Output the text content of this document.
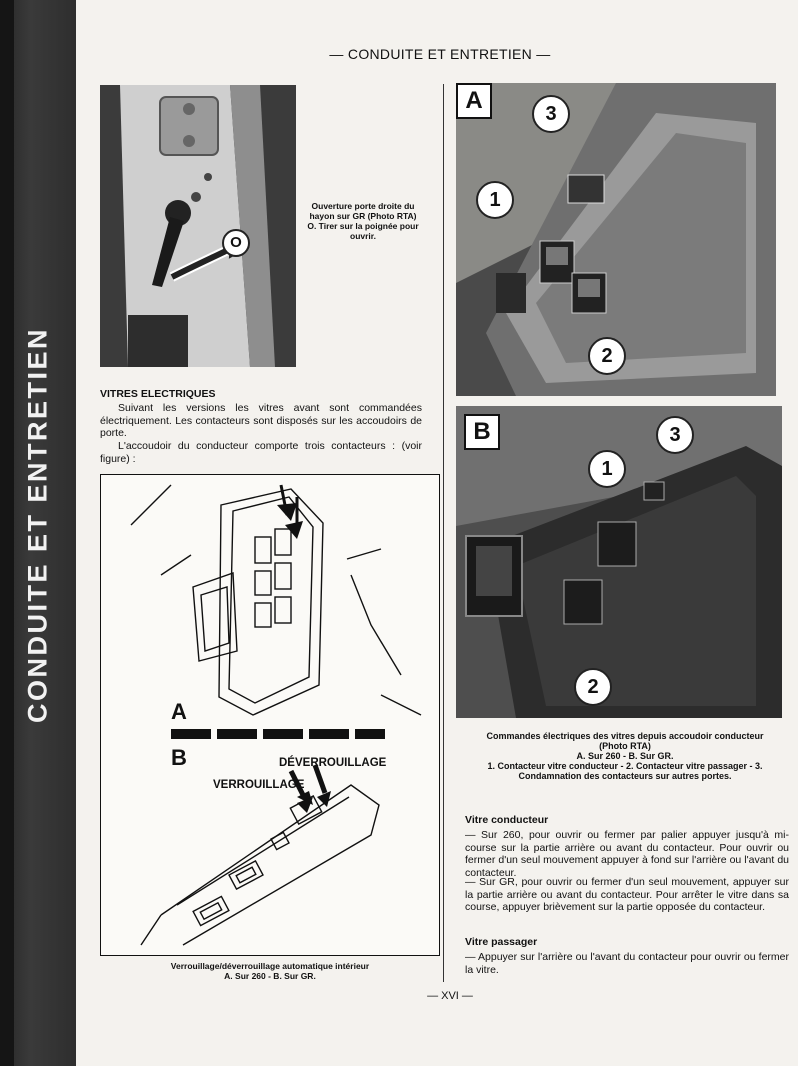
CONDUITE ET ENTRETIEN
— CONDUITE ET ENTRETIEN —
O
Ouverture porte droite du hayon sur GR (Photo RTA) O. Tirer sur la poignée pour ouvrir.
VITRES ELECTRIQUES
Suivant les versions les vitres avant sont commandées électriquement. Les contacteurs sont disposés sur les accoudoirs de porte.
L'accoudoir du conducteur comporte trois contacteurs : (voir figure) :
A
B	DÉVERROUILLAGE
VERROUILLAGE
Verrouillage/déverrouillage automatique intérieur
A. Sur 260 - B. Sur GR.
A	3
1
2
B	3
1
2
Commandes électriques des vitres depuis accoudoir conducteur
(Photo RTA)
A. Sur 260 - B. Sur GR.
1. Contacteur vitre conducteur - 2. Contacteur vitre passager - 3.
Condamnation des contacteurs sur autres portes.
Vitre conducteur
— Sur 260, pour ouvrir ou fermer par palier appuyer jusqu'à mi-course sur la partie arrière ou avant du contacteur. Pour ouvrir ou fermer d'un seul mouvement appuyer à fond sur l'arrière ou l'avant du contacteur.
— Sur GR, pour ouvrir ou fermer d'un seul mouvement, appuyer sur la partie arrière ou avant du contacteur. Pour arrêter le vitre dans sa course, appuyer brièvement sur la partie opposée du contacteur.
Vitre passager
— Appuyer sur l'arrière ou l'avant du contacteur pour ouvrir ou fermer la vitre.
— XVI —
